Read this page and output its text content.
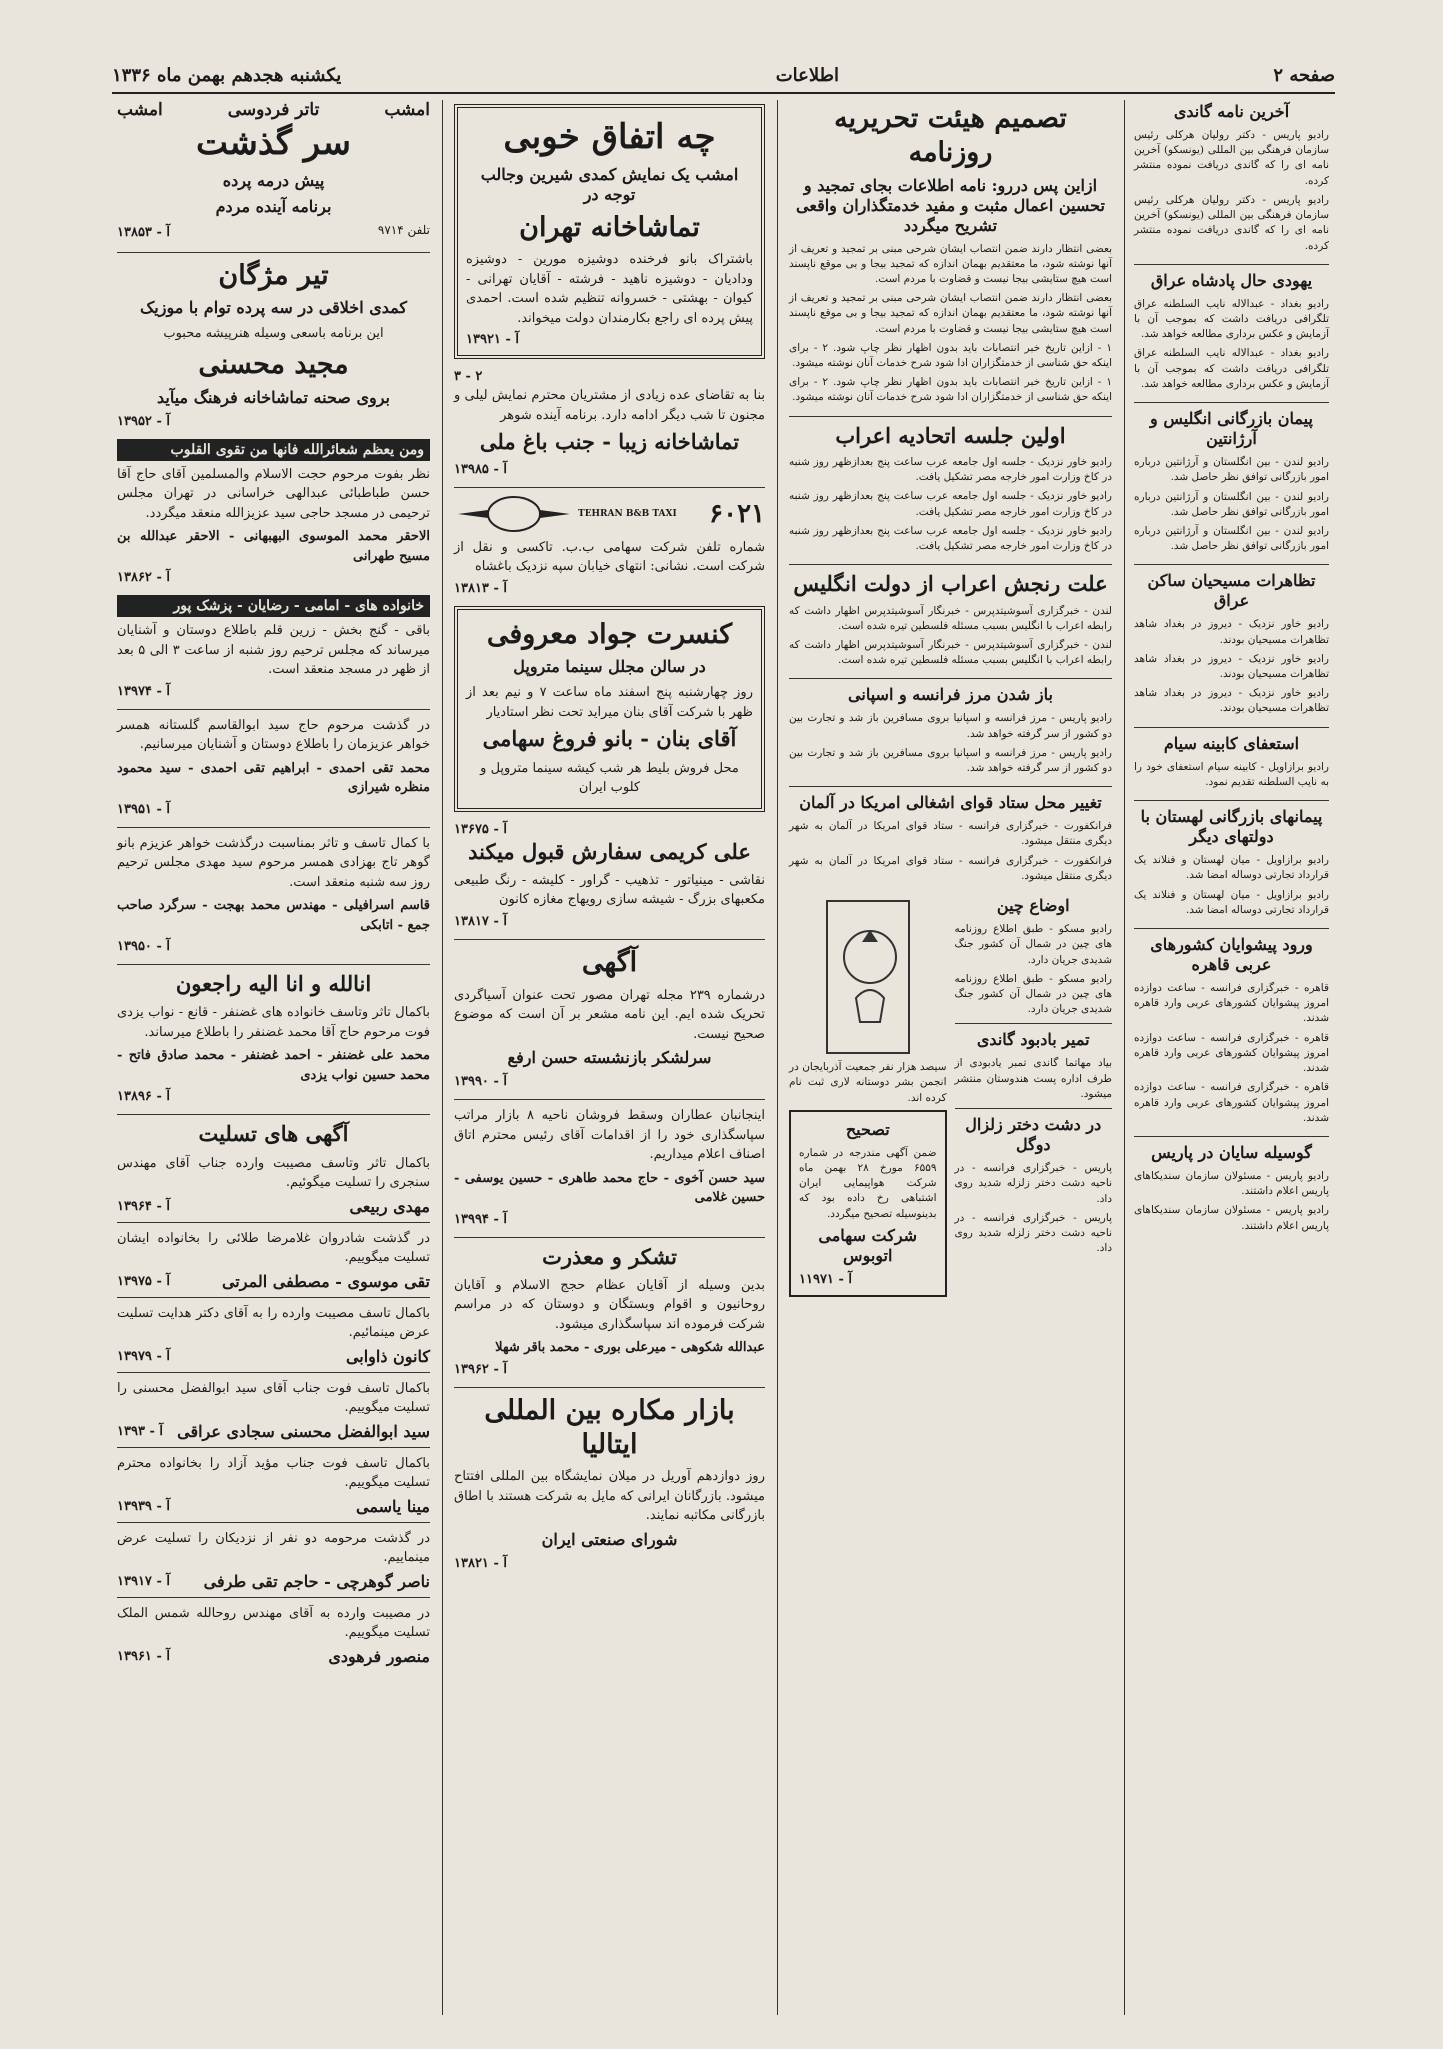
صفحه ۲
اطلاعات
یکشنبه هجدهم بهمن ماه ۱۳۳۶
آخرین نامه گاندی

رادیو پاریس - دکتر رولیان هرکلی رئیس سازمان فرهنگی بین المللی (یونسکو) آخرین نامه ای را که گاندی دریافت نموده منتشر کرده.

رادیو پاریس - دکتر رولیان هرکلی رئیس سازمان فرهنگی بین المللی (یونسکو) آخرین نامه ای را که گاندی دریافت نموده منتشر کرده.

یهودی حال پادشاه عراق

رادیو بغداد - عبدالاله نایب السلطنه عراق تلگرافی دریافت داشت که بموجب آن با آزمایش و عکس برداری مطالعه خواهد شد.

رادیو بغداد - عبدالاله نایب السلطنه عراق تلگرافی دریافت داشت که بموجب آن با آزمایش و عکس برداری مطالعه خواهد شد.

پیمان بازرگانی انگلیس و آرژانتین

رادیو لندن - بین انگلستان و آرژانتین درباره امور بازرگانی توافق نظر حاصل شد.

رادیو لندن - بین انگلستان و آرژانتین درباره امور بازرگانی توافق نظر حاصل شد.

رادیو لندن - بین انگلستان و آرژانتین درباره امور بازرگانی توافق نظر حاصل شد.

تظاهرات مسیحیان ساکن عراق

رادیو خاور نزدیک - دیروز در بغداد شاهد تظاهرات مسیحیان بودند.

رادیو خاور نزدیک - دیروز در بغداد شاهد تظاهرات مسیحیان بودند.

رادیو خاور نزدیک - دیروز در بغداد شاهد تظاهرات مسیحیان بودند.

استعفای کابینه سیام

رادیو برازاویل - کابینه سیام استعفای خود را به نایب السلطنه تقدیم نمود.

پیمانهای بازرگانی لهستان با دولتهای دیگر

رادیو برازاویل - میان لهستان و فنلاند یک قرارداد تجارتی دوساله امضا شد.

رادیو برازاویل - میان لهستان و فنلاند یک قرارداد تجارتی دوساله امضا شد.

ورود پیشوایان کشورهای عربی قاهره

قاهره - خبرگزاری فرانسه - ساعت دوازده امروز پیشوایان کشورهای عربی وارد قاهره شدند.

قاهره - خبرگزاری فرانسه - ساعت دوازده امروز پیشوایان کشورهای عربی وارد قاهره شدند.

قاهره - خبرگزاری فرانسه - ساعت دوازده امروز پیشوایان کشورهای عربی وارد قاهره شدند.

گوسیله سایان در پاریس

رادیو پاریس - مسئولان سازمان سندیکاهای پاریس اعلام داشتند.

رادیو پاریس - مسئولان سازمان سندیکاهای پاریس اعلام داشتند.

تصمیم هیئت تحریریه روزنامه
ازاین پس دررو: نامه اطلاعات بجای تمجید و تحسین اعمال مثبت و مفید خدمتگذاران واقعی تشریح میگردد

بعضی انتظار دارند ضمن انتصاب ایشان شرحی مبنی بر تمجید و تعریف از آنها نوشته شود، ما معتقدیم بهمان اندازه که تمجید بیجا و بی موقع ناپسند است هیچ ستایشی بیجا نیست و قضاوت با مردم است.

بعضی انتظار دارند ضمن انتصاب ایشان شرحی مبنی بر تمجید و تعریف از آنها نوشته شود، ما معتقدیم بهمان اندازه که تمجید بیجا و بی موقع ناپسند است هیچ ستایشی بیجا نیست و قضاوت با مردم است.

۱ - ازاین تاریخ خبر انتصابات باید بدون اظهار نظر چاپ شود. ۲ - برای اینکه حق شناسی از خدمتگزاران ادا شود شرح خدمات آنان نوشته میشود.

۱ - ازاین تاریخ خبر انتصابات باید بدون اظهار نظر چاپ شود. ۲ - برای اینکه حق شناسی از خدمتگزاران ادا شود شرح خدمات آنان نوشته میشود.

اولین جلسه اتحادیه اعراب

رادیو خاور نزدیک - جلسه اول جامعه عرب ساعت پنج بعدازظهر روز شنبه در کاخ وزارت امور خارجه مصر تشکیل یافت.

رادیو خاور نزدیک - جلسه اول جامعه عرب ساعت پنج بعدازظهر روز شنبه در کاخ وزارت امور خارجه مصر تشکیل یافت.

رادیو خاور نزدیک - جلسه اول جامعه عرب ساعت پنج بعدازظهر روز شنبه در کاخ وزارت امور خارجه مصر تشکیل یافت.

علت رنجش اعراب از دولت انگلیس

لندن - خبرگزاری آسوشیتدپرس - خبرنگار آسوشیتدپرس اظهار داشت که رابطه اعراب با انگلیس بسبب مسئله فلسطین تیره شده است.

لندن - خبرگزاری آسوشیتدپرس - خبرنگار آسوشیتدپرس اظهار داشت که رابطه اعراب با انگلیس بسبب مسئله فلسطین تیره شده است.

باز شدن مرز فرانسه و اسپانی

رادیو پاریس - مرز فرانسه و اسپانیا بروی مسافرین باز شد و تجارت بین دو کشور از سر گرفته خواهد شد.

رادیو پاریس - مرز فرانسه و اسپانیا بروی مسافرین باز شد و تجارت بین دو کشور از سر گرفته خواهد شد.

تغییر محل ستاد قوای اشغالی امریکا در آلمان

فرانکفورت - خبرگزاری فرانسه - ستاد قوای امریکا در آلمان به شهر دیگری منتقل میشود.

فرانکفورت - خبرگزاری فرانسه - ستاد قوای امریکا در آلمان به شهر دیگری منتقل میشود.

اوضاع چین

رادیو مسکو - طبق اطلاع روزنامه های چین در شمال آن کشور جنگ شدیدی جریان دارد.

رادیو مسکو - طبق اطلاع روزنامه های چین در شمال آن کشور جنگ شدیدی جریان دارد.

تمیر بادبود گاندی

بیاد مهاتما گاندی تمبر یادبودی از طرف اداره پست هندوستان منتشر میشود.

در دشت دختر زلزال دوگل

پاریس - خبرگزاری فرانسه - در ناحیه دشت دختر زلزله شدید روی داد.

پاریس - خبرگزاری فرانسه - در ناحیه دشت دختر زلزله شدید روی داد.

سیصد هزار نفر جمعیت آذربایجان در انجمن بشر دوستانه لاری ثبت نام کرده اند.

تصحیح

ضمن آگهی مندرجه در شماره ۶۵۵۹ مورخ ۲۸ بهمن ماه شرکت هواپیمایی ایران اشتباهی رخ داده بود که بدینوسیله تصحیح میگردد.

شرکت سهامی اتوبوس
آ - ۱۱۹۷۱
چه اتفاق خوبی
امشب یک نمایش کمدی شیرین وجالب توجه در
تماشاخانه تهران

باشتراک بانو فرخنده دوشیزه مورین - دوشیزه ودادیان - دوشیزه ناهید - فرشته - آقایان تهرانی - کیوان - بهشتی - خسروانه تنظیم شده است. احمدی پیش پرده ای راجع بکارمندان دولت میخواند.

آ - ۱۳۹۲۱
۳ - ۲

بنا به تقاضای عده زیادی از مشتریان محترم نمایش لیلی و مجنون تا شب دیگر ادامه دارد. برنامه آینده شوهر

تماشاخانه زیبا - جنب باغ ملی
آ - ۱۳۹۸۵
۶۰۲۱
TEHRAN B&B TAXI

شماره تلفن شرکت سهامی ب.ب. تاکسی و نقل از شرکت است. نشانی: انتهای خیابان سپه نزدیک باغشاه

آ - ۱۳۸۱۳
کنسرت جواد معروفی
در سالن مجلل سینما متروپل

روز چهارشنبه پنج اسفند ماه ساعت ۷ و نیم بعد از ظهر با شرکت آقای بنان میراید تحت نظر استادیار

آقای بنان - بانو فروغ سهامی

محل فروش بلیط هر شب کیشه سینما متروپل و کلوب ایران

آ - ۱۳۶۷۵
علی کریمی سفارش قبول میکند

نقاشی - مینیاتور - تذهیب - گراور - کلیشه - رنگ طبیعی مکعبهای بزرگ - شیشه سازی رویهاج مغازه کانون

آ - ۱۳۸۱۷
آگهی

درشماره ۲۳۹ مجله تهران مصور تحت عنوان آسیاگردی تحریک شده ایم. این نامه مشعر بر آن است که موضوع صحیح نیست.

سرلشکر بازنشسته حسن ارفع
آ - ۱۳۹۹۰

اینجانبان عطاران وسقط فروشان ناحیه ۸ بازار مراتب سپاسگذاری خود را از اقدامات آقای رئیس محترم اتاق اصناف اعلام میداریم.

سید حسن آخوی - حاج محمد طاهری - حسین یوسفی - حسین غلامی

آ - ۱۳۹۹۴
تشکر و معذرت

بدین وسیله از آقایان عظام حجج الاسلام و آقایان روحانیون و اقوام وبستگان و دوستان که در مراسم شرکت فرموده اند سپاسگذاری میشود.

عبدالله شکوهی - میرعلی بوری - محمد باقر شهلا

آ - ۱۳۹۶۲
بازار مکاره بین المللی ایتالیا

روز دوازدهم آوریل در میلان نمایشگاه بین المللی افتتاح میشود. بازرگانان ایرانی که مایل به شرکت هستند با اطاق بازرگانی مکاتبه نمایند.

شورای صنعتی ایران
آ - ۱۳۸۲۱
امشب
تاتر فردوسی
امشب
سر گذشت
پیش درمه پرده
برنامه آینده مردم
تلفن ۹۷۱۴
آ - ۱۳۸۵۳
تیر مژگان
کمدی اخلاقی در سه پرده توام با موزیک

این برنامه باسعی وسیله هنرپیشه محبوب

مجید محسنی
بروی صحنه تماشاخانه فرهنگ میآید
آ - ۱۳۹۵۲
ومن یعظم شعائرالله فانها من تقوی القلوب

نظر بفوت مرحوم حجت الاسلام والمسلمین آقای حاج آقا حسن طباطبائی عبدالهی خراسانی در تهران مجلس ترحیمی در مسجد حاجی سید عزیزالله منعقد میگردد.

الاحقر محمد الموسوی البهبهانی - الاحقر عبدالله بن مسیح طهرانی

آ - ۱۳۸۶۲
خانواده های - امامی - رضایان - پزشک پور

باقی - گنج بخش - زرین قلم باطلاع دوستان و آشنایان میرساند که مجلس ترحیم روز شنبه از ساعت ۳ الی ۵ بعد از ظهر در مسجد منعقد است.

آ - ۱۳۹۷۴

در گذشت مرحوم حاج سید ابوالقاسم گلستانه همسر خواهر عزیزمان را باطلاع دوستان و آشنایان میرسانیم.

محمد تقی احمدی - ابراهیم تقی احمدی - سید محمود منظره شیرازی

آ - ۱۳۹۵۱

با کمال تاسف و تاثر بمناسبت درگذشت خواهر عزیزم بانو گوهر تاج بهزادی همسر مرحوم سید مهدی مجلس ترحیم روز سه شنبه منعقد است.

قاسم اسرافیلی - مهندس محمد بهجت - سرگرد صاحب جمع - اتابکی

آ - ۱۳۹۵۰
انالله و انا الیه راجعون

باکمال تاثر وتاسف خانواده های غضنفر - قانع - نواب یزدی فوت مرحوم حاج آقا محمد غضنفر را باطلاع میرساند.

محمد علی غضنفر - احمد غضنفر - محمد صادق فاتح - محمد حسین نواب یزدی

آ - ۱۳۸۹۶
آگهی های تسلیت

باکمال تاثر وتاسف مصیبت وارده جناب آقای مهندس سنجری را تسلیت میگوئیم.

مهدی ربیعی
آ - ۱۳۹۶۴

در گذشت شادروان غلامرضا طلائی را بخانواده ایشان تسلیت میگوییم.

تقی موسوی - مصطفی المرتی
آ - ۱۳۹۷۵

باکمال تاسف مصیبت وارده را به آقای دکتر هدایت تسلیت عرض مینمائیم.

کانون ذاوابی
آ - ۱۳۹۷۹

باکمال تاسف فوت جناب آقای سید ابوالفضل محسنی را تسلیت میگوییم.

سید ابوالفضل محسنی سجادی عراقی
آ - ۱۳۹۳

باکمال تاسف فوت جناب مؤید آزاد را بخانواده محترم تسلیت میگوییم.

مینا یاسمی
آ - ۱۳۹۳۹

در گذشت مرحومه دو نفر از نزدیکان را تسلیت عرض مینماییم.

ناصر گوهرچی - حاجم تقی طرفی
آ - ۱۳۹۱۷

در مصیبت وارده به آقای مهندس روحالله شمس الملک تسلیت میگوییم.

منصور فرهودی
آ - ۱۳۹۶۱
